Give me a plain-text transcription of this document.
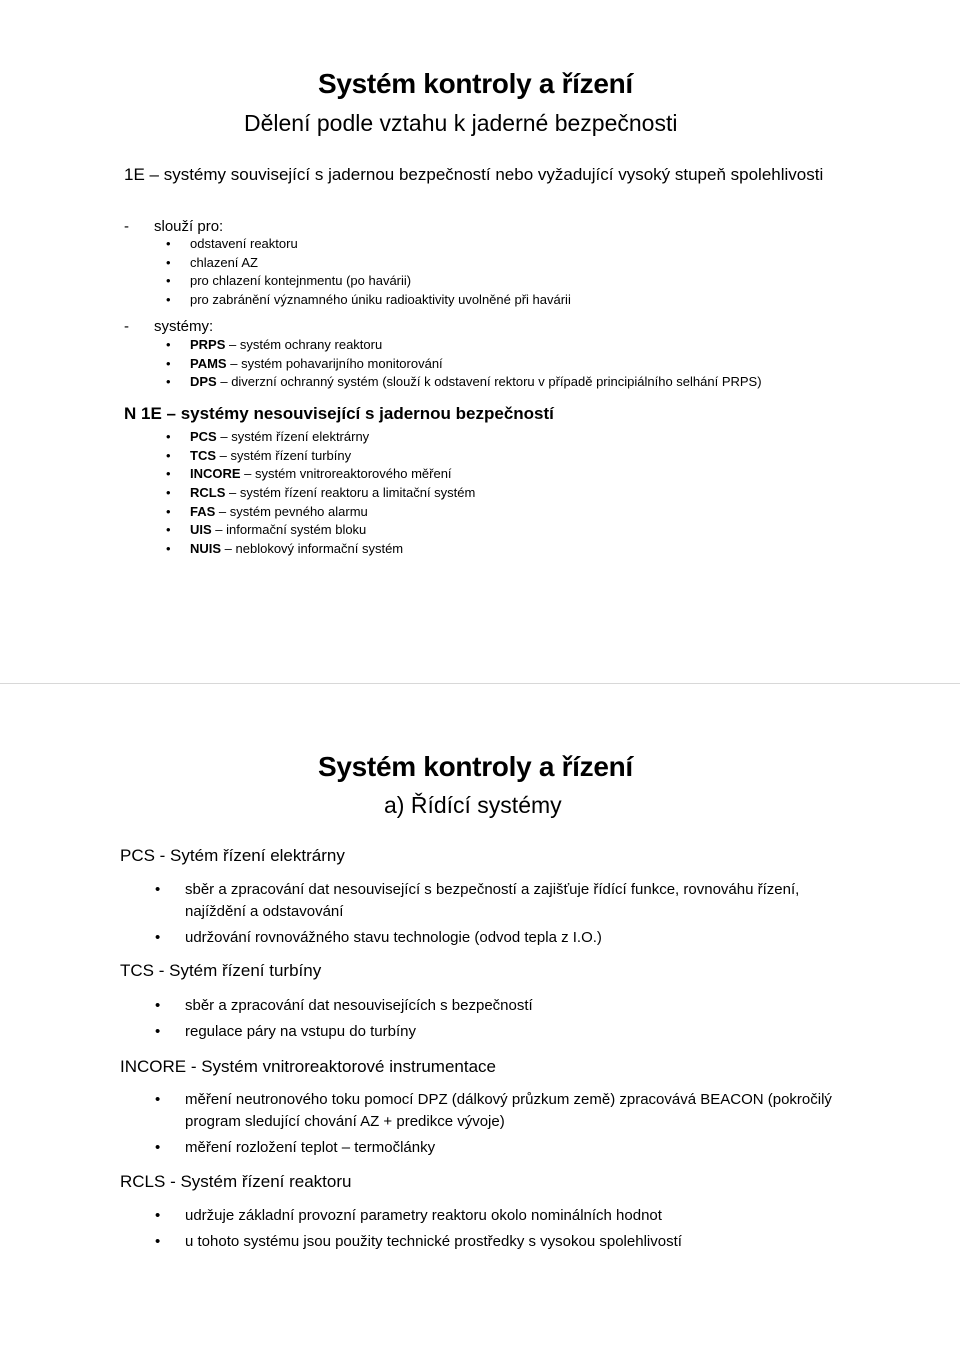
Systém kontroly a řízení
Dělení podle vztahu k jaderné bezpečnosti
1E – systémy související s jadernou bezpečností nebo vyžadující vysoký stupeň spolehlivosti
- slouží pro:
• odstavení reaktoru
• chlazení AZ
• pro chlazení kontejnmentu (po havárii)
• pro zabránění významného úniku radioaktivity uvolněné při havárii
- systémy:
• PRPS – systém ochrany reaktoru
• PAMS – systém pohavarijního monitorování
• DPS – diverzní ochranný systém (slouží k odstavení rektoru v případě principiálního selhání PRPS)
N 1E – systémy nesouvisející s jadernou bezpečností
• PCS – systém řízení elektrárny
• TCS – systém řízení turbíny
• INCORE – systém vnitroreaktorového měření
• RCLS – systém řízení reaktoru a limitační systém
• FAS – systém pevného alarmu
• UIS – informační systém bloku
• NUIS – neblokový informační systém
Systém kontroly a řízení
a) Řídící systémy
PCS - Sytém řízení elektrárny
• sběr a zpracování dat nesouvisející s bezpečností a zajišťuje řídící funkce, rovnováhu řízení, najíždění a odstavování
• udržování rovnovážného stavu technologie (odvod tepla z I.O.)
TCS - Sytém řízení turbíny
• sběr a zpracování dat nesouvisejících s bezpečností
• regulace páry na vstupu do turbíny
INCORE - Systém vnitroreaktorové instrumentace
• měření neutronového toku pomocí DPZ (dálkový průzkum země) zpracovává BEACON (pokročilý program sledující chování AZ + predikce vývoje)
• měření rozložení teplot – termočlánky
RCLS - Systém řízení reaktoru
• udržuje základní provozní parametry reaktoru okolo nominálních hodnot
• u tohoto systému jsou použity technické prostředky s vysokou spolehlivostí
